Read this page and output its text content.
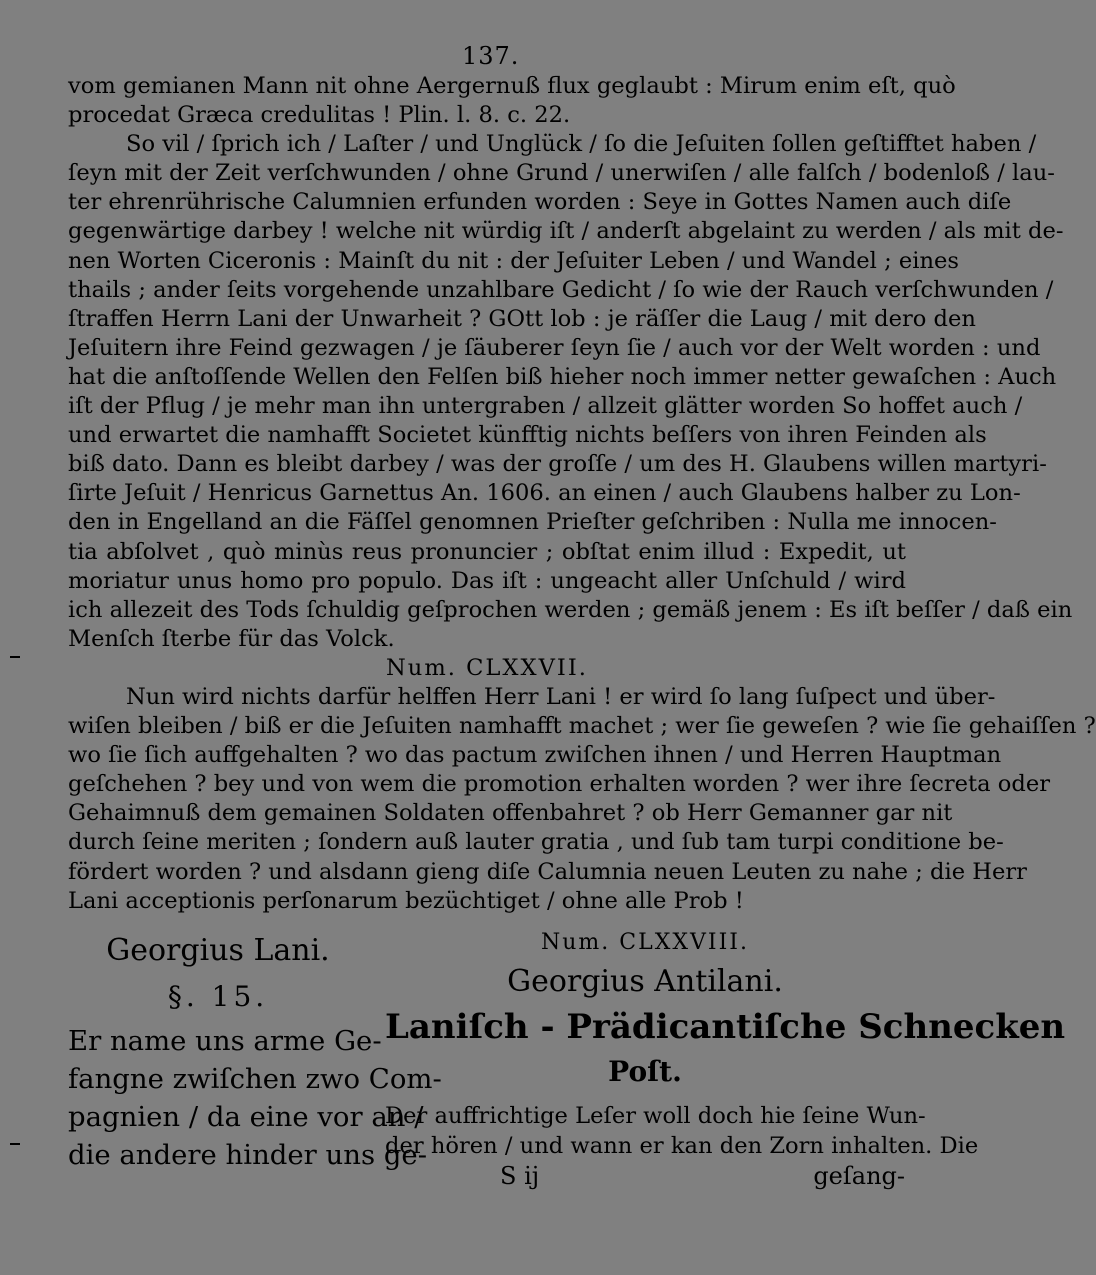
137.
vom gemianen Mann nit ohne Aergernuß flux geglaubt : Mirum enim eſt, quò
procedat Græca credulitas ! Plin. l. 8. c. 22.
So vil / ſprich ich / Laſter / und Unglück / ſo die Jeſuiten ſollen geſtifftet haben /
ſeyn mit der Zeit verſchwunden / ohne Grund / unerwiſen / alle falſch / bodenloß / lau-
ter ehrenrührische Calumnien erfunden worden : Seye in Gottes Namen auch diſe
gegenwärtige darbey ! welche nit würdig iſt / anderſt abgelaint zu werden / als mit de-
nen Worten Ciceronis : Mainſt du nit : der Jeſuiter Leben / und Wandel ; eines
thails ; ander ſeits vorgehende unzahlbare Gedicht / ſo wie der Rauch verſchwunden /
ſtraffen Herrn Lani der Unwarheit ? GOtt lob : je räſſer die Laug / mit dero den
Jeſuitern ihre Feind gezwagen / je ſäuberer ſeyn ſie / auch vor der Welt worden : und
hat die anſtoſſende Wellen den Felſen biß hieher noch immer netter gewaſchen : Auch
iſt der Pflug / je mehr man ihn untergraben / allzeit glätter worden So hoffet auch /
und erwartet die namhafft Societet künfftig nichts beſſers von ihren Feinden als
biß dato. Dann es bleibt darbey / was der groſſe / um des H. Glaubens willen martyri-
ſirte Jeſuit / Henricus Garnettus An. 1606. an einen / auch Glaubens halber zu Lon-
den in Engelland an die Fäſſel genomnen Prieſter geſchriben : Nulla me innocen-
tia abſolvet , quò minùs reus pronuncier ; obſtat enim illud : Expedit, ut
moriatur unus homo pro populo. Das iſt : ungeacht aller Unſchuld / wird
ich allezeit des Tods ſchuldig geſprochen werden ; gemäß jenem : Es iſt beſſer / daß ein
Menſch ſterbe für das Volck.
Num. CLXXVII.
Nun wird nichts darfür helffen Herr Lani ! er wird ſo lang ſuſpect und über-
wiſen bleiben / biß er die Jeſuiten namhafft machet ; wer ſie geweſen ? wie ſie gehaiſſen ?
wo ſie ſich auffgehalten ? wo das pactum zwiſchen ihnen / und Herren Hauptman
geſchehen ? bey und von wem die promotion erhalten worden ? wer ihre ſecreta oder
Gehaimnuß dem gemainen Soldaten offenbahret ? ob Herr Gemanner gar nit
durch ſeine meriten ; ſondern auß lauter gratia , und ſub tam turpi conditione be-
fördert worden ? und alsdann gieng diſe Calumnia neuen Leuten zu nahe ; die Herr
Lani acceptionis perſonarum bezüchtiget / ohne alle Prob !
Georgius Lani.
§. 15.
Er name uns arme Ge-
fangne zwiſchen zwo Com-
pagnien / da eine vor an /
die andere hinder uns ge-
Num. CLXXVIII.
Georgius Antilani.
Laniſch - Prädicantiſche Schnecken
Poſt.
Der auffrichtige Leſer woll doch hie ſeine Wun-
der hören / und wann er kan den Zorn inhalten. Die
S ij	geſang-
